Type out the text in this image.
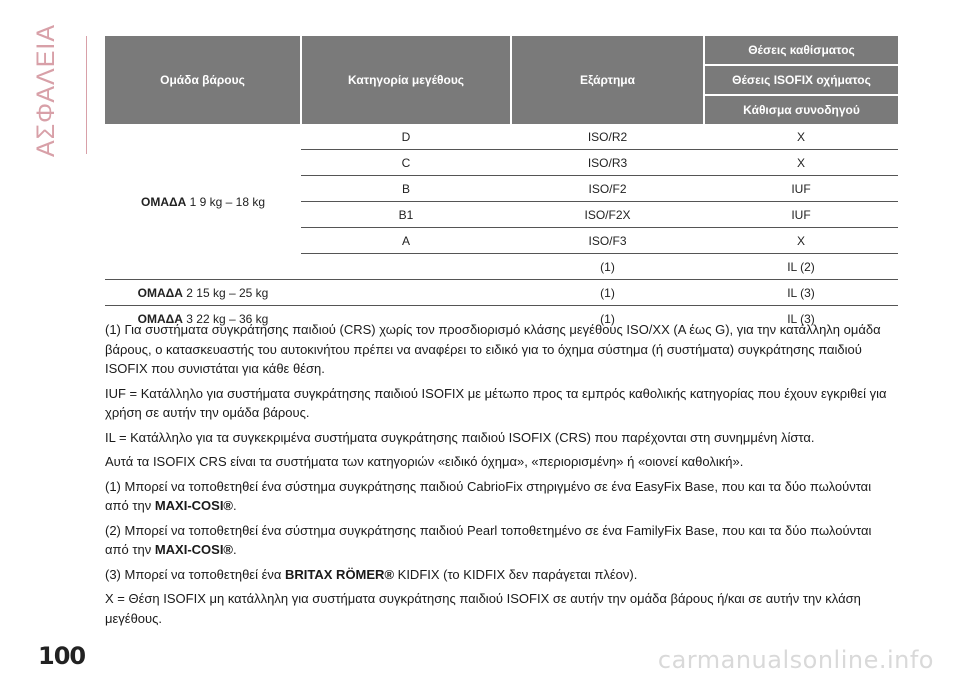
ΑΣΦΑΛΕΙΑ	Ομάδα βάρους	Κατηγορία μεγέθους	Εξάρτημα	Θέσεις καθίσματος
			Θέσεις ISOFIX οχήματος
			Κάθισμα συνοδηγού
ΟΜΑΔΑ 1 9 kg – 18 kg	D	ISO/R2	X
	C	ISO/R3	X
	B	ISO/F2	IUF
	B1	ISO/F2X	IUF
	A	ISO/F3	X
		(1)	IL (2)
ΟΜΑΔΑ 2 15 kg – 25 kg		(1)	IL (3)
ΟΜΑΔΑ 3 22 kg – 36 kg		(1)	IL (3)

(1) Για συστήματα συγκράτησης παιδιού (CRS) χωρίς τον προσδιορισμό κλάσης μεγέθους ISO/XX (A έως G), για την κατάλληλη ομάδα βάρους, ο κατασκευαστής του αυτοκινήτου πρέπει να αναφέρει το ειδικό για το όχημα σύστημα (ή συστήματα) συγκράτησης παιδιού ISOFIX που συνιστάται για κάθε θέση.

IUF = Κατάλληλο για συστήματα συγκράτησης παιδιού ISOFIX με μέτωπο προς τα εμπρός καθολικής κατηγορίας που έχουν εγκριθεί για χρήση σε αυτήν την ομάδα βάρους.

IL = Κατάλληλο για τα συγκεκριμένα συστήματα συγκράτησης παιδιού ISOFIX (CRS) που παρέχονται στη συνημμένη λίστα.

Αυτά τα ISOFIX CRS είναι τα συστήματα των κατηγοριών «ειδικό όχημα», «περιορισμένη» ή «οιονεί καθολική».

(1) Μπορεί να τοποθετηθεί ένα σύστημα συγκράτησης παιδιού CabrioFix στηριγμένο σε ένα EasyFix Base, που και τα δύο πωλούνται από την MAXI-COSI®.

(2) Μπορεί να τοποθετηθεί ένα σύστημα συγκράτησης παιδιού Pearl τοποθετημένο σε ένα FamilyFix Base, που και τα δύο πωλούνται από την MAXI-COSI®.

(3) Μπορεί να τοποθετηθεί ένα BRITAX RÖMER® KIDFIX (το KIDFIX δεν παράγεται πλέον).

X = Θέση ISOFIX μη κατάλληλη για συστήματα συγκράτησης παιδιού ISOFIX σε αυτήν την ομάδα βάρους ή/και σε αυτήν την κλάση μεγέθους.

100	carmanualsonline.info
